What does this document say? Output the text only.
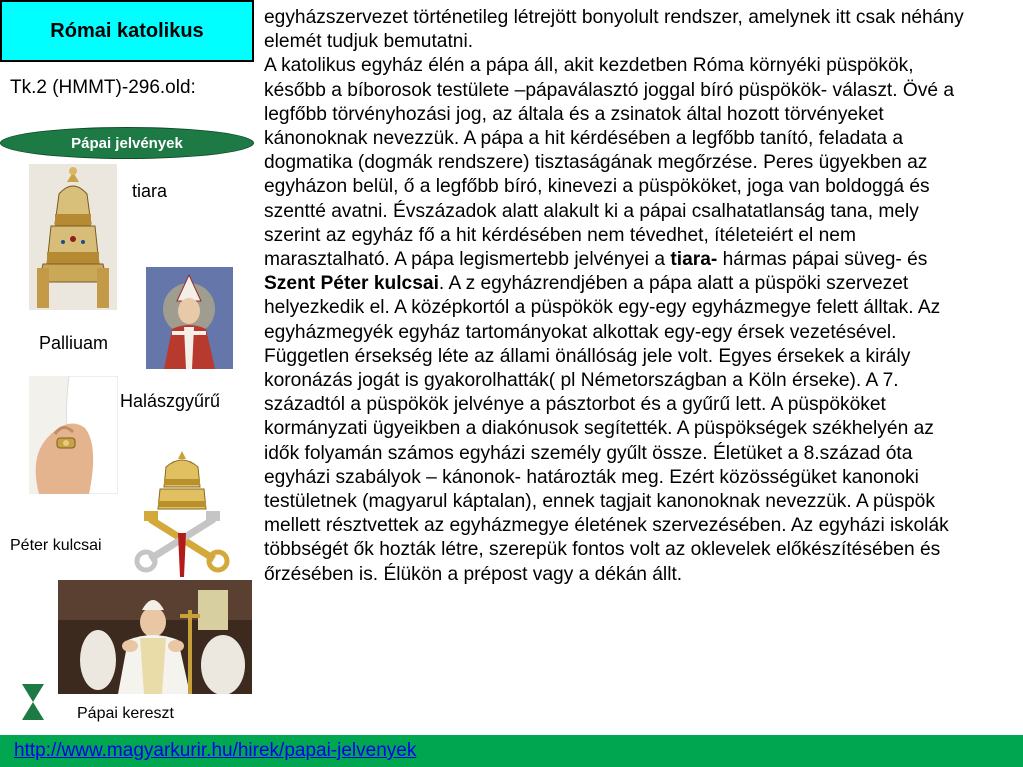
Római katolikus
Tk.2 (HMMT)-296.old:
Pápai jelvények
tiara
Palliuam
Halászgyűrű
Péter kulcsai
Pápai kereszt

egyházszervezet történetileg létrejött bonyolult rendszer, amelynek itt csak néhány elemét tudjuk bemutatni.

A katolikus egyház élén a pápa áll, akit kezdetben Róma környéki püspökök, később a bíborosok testülete –pápaválasztó joggal bíró püspökök- választ. Övé a legfőbb törvényhozási jog, az általa és a zsinatok által hozott törvényeket kánonoknak nevezzük. A pápa a hit kérdésében a legfőbb tanító, feladata a dogmatika (dogmák rendszere) tisztaságának megőrzése. Peres ügyekben az egyházon belül, ő a legfőbb bíró, kinevezi a püspököket, joga van boldoggá és szentté avatni. Évszázadok alatt alakult ki a pápai csalhatatlanság tana, mely szerint az egyház fő a hit kérdésében nem tévedhet, ítéleteiért el nem marasztalható. A pápa legismertebb jelvényei a tiara- hármas pápai süveg- és Szent Péter kulcsai. A z egyházrendjében a pápa alatt a püspöki szervezet helyezkedik el. A középkortól a püspökök egy-egy egyházmegye felett álltak. Az egyházmegyék egyház tartományokat alkottak egy-egy érsek vezetésével. Független érsekség léte az állami önállóság jele volt. Egyes érsekek a király koronázás jogát is gyakorolhatták( pl Németországban a Köln érseke). A 7. századtól a püspökök jelvénye a pásztorbot és a gyűrű lett. A püspököket kormányzati ügyeikben a diakónusok segítették. A püspökségek székhelyén az idők folyamán számos egyházi személy gyűlt össze. Életüket a 8.század óta egyházi szabályok – kánonok- határozták meg. Ezért közösségüket kanonoki testületnek (magyarul káptalan), ennek tagjait kanonoknak nevezzük. A püspök mellett résztvettek az egyházmegye életének szervezésében. Az egyházi iskolák többségét ők hozták létre, szerepük fontos volt az oklevelek előkészítésében és őrzésében is. Élükön a prépost vagy a dékán állt.

http://www.magyarkurir.hu/hirek/papai-jelvenyek
